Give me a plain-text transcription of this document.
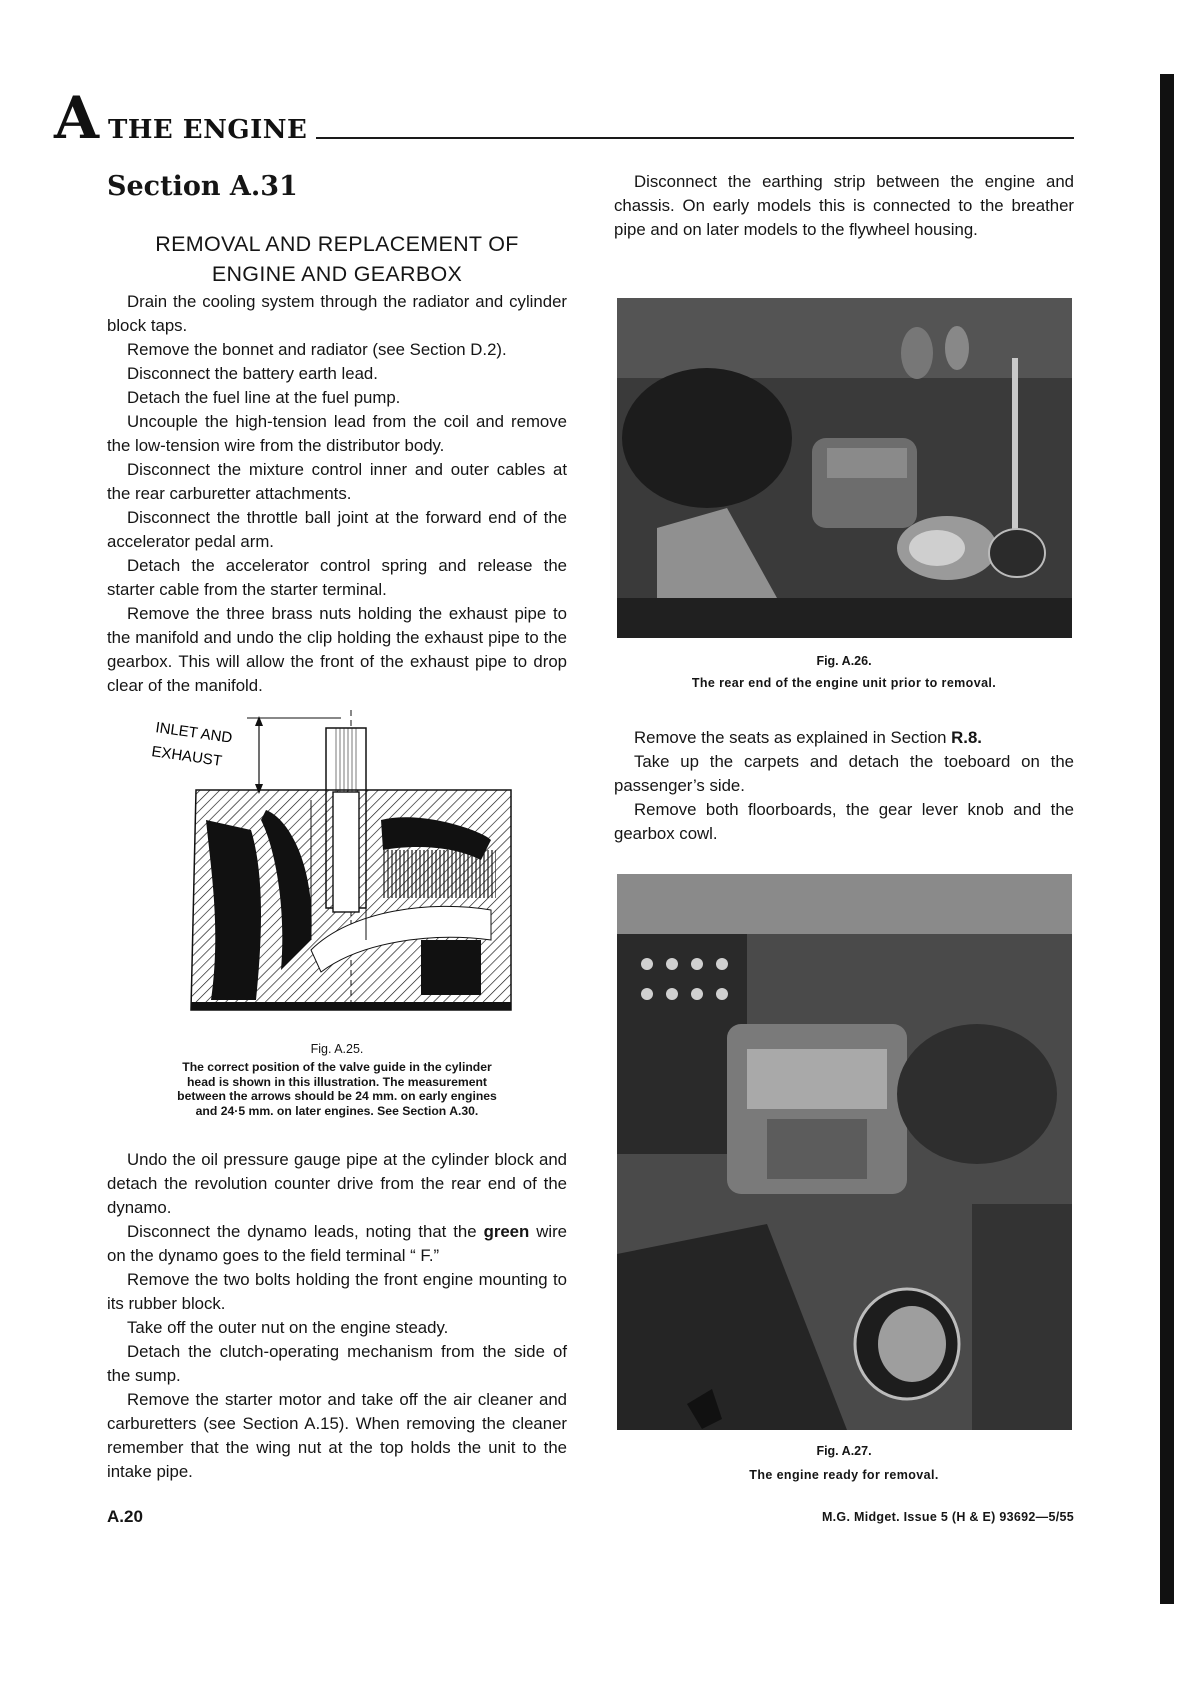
A THE ENGINE
Section A.31
REMOVAL AND REPLACEMENT OF
ENGINE AND GEARBOX

Drain the cooling system through the radiator and cylinder block taps.

Remove the bonnet and radiator (see Section D.2).

Disconnect the battery earth lead.

Detach the fuel line at the fuel pump.

Uncouple the high-tension lead from the coil and remove the low-tension wire from the distributor body.

Disconnect the mixture control inner and outer cables at the rear carburetter attachments.

Disconnect the throttle ball joint at the forward end of the accelerator pedal arm.

Detach the accelerator control spring and release the starter cable from the starter terminal.

Remove the three brass nuts holding the exhaust pipe to the manifold and undo the clip holding the exhaust pipe to the gearbox. This will allow the front of the exhaust pipe to drop clear of the manifold.

INLET AND
EXHAUST
Fig. A.25.
The correct position of the valve guide in the cylinder
head is shown in this illustration. The measurement
between the arrows should be 24 mm. on early engines
and 24·5 mm. on later engines. See Section A.30.

Undo the oil pressure gauge pipe at the cylinder block and detach the revolution counter drive from the rear end of the dynamo.

Disconnect the dynamo leads, noting that the green wire on the dynamo goes to the field terminal “ F.”

Remove the two bolts holding the front engine mounting to its rubber block.

Take off the outer nut on the engine steady.

Detach the clutch-operating mechanism from the side of the sump.

Remove the starter motor and take off the air cleaner and carburetters (see Section A.15). When removing the cleaner remember that the wing nut at the top holds the unit to the intake pipe.

Disconnect the earthing strip between the engine and chassis. On early models this is connected to the breather pipe and on later models to the flywheel housing.

Fig. A.26.
The rear end of the engine unit prior to removal.

Remove the seats as explained in Section R.8.

Take up the carpets and detach the toeboard on the passenger’s side.

Remove both floorboards, the gear lever knob and the gearbox cowl.

Fig. A.27.
The engine ready for removal.
A.20	M.G. Midget. Issue 5 (H & E) 93692—5/55
